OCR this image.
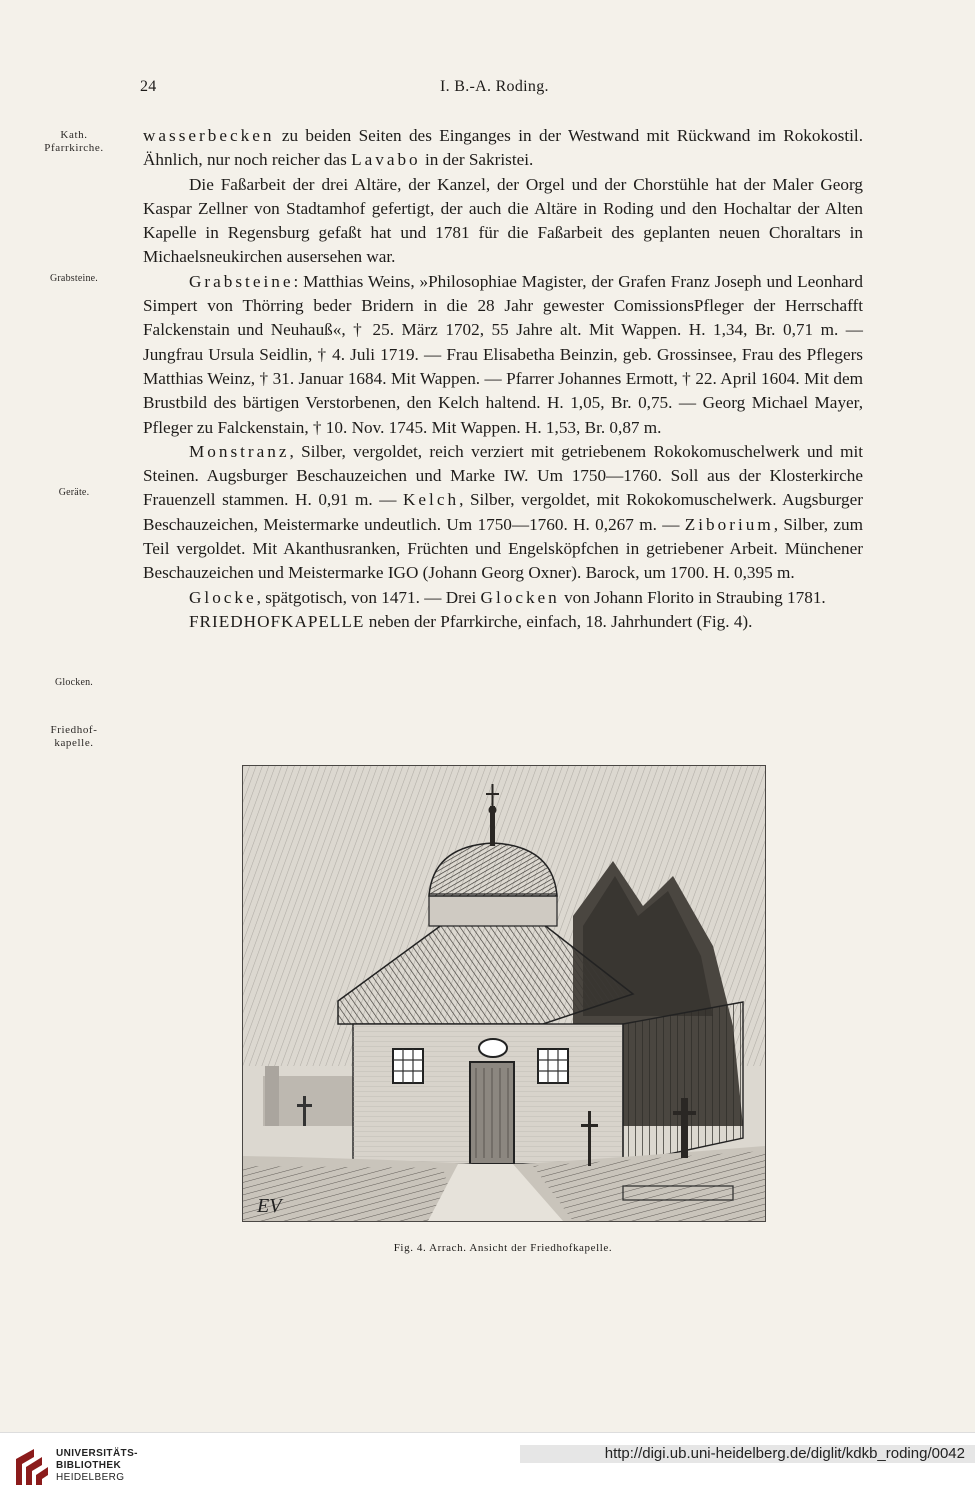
24	I. B.-A. Roding.
Kath.
Pfarrkirche.
Grabsteine.
Geräte.
Glocken.
Friedhof-
kapelle.

wasserbecken zu beiden Seiten des Einganges in der Westwand mit Rückwand im Rokokostil. Ähnlich, nur noch reicher das Lavabo in der Sakristei.

Die Faßarbeit der drei Altäre, der Kanzel, der Orgel und der Chorstühle hat der Maler Georg Kaspar Zellner von Stadtamhof gefertigt, der auch die Altäre in Roding und den Hochaltar der Alten Kapelle in Regensburg gefaßt hat und 1781 für die Faßarbeit des geplanten neuen Choraltars in Michaelsneukirchen ausersehen war.

Grabsteine: Matthias Weins, »Philosophiae Magister, der Grafen Franz Joseph und Leonhard Simpert von Thörring beder Bridern in die 28 Jahr gewester ComissionsPfleger der Herrschafft Falckenstain und Neuhauß«, † 25. März 1702, 55 Jahre alt. Mit Wappen. H. 1,34, Br. 0,71 m. — Jungfrau Ursula Seidlin, † 4. Juli 1719. — Frau Elisabetha Beinzin, geb. Grossinsee, Frau des Pflegers Matthias Weinz, † 31. Januar 1684. Mit Wappen. — Pfarrer Johannes Ermott, † 22. April 1604. Mit dem Brustbild des bärtigen Verstorbenen, den Kelch haltend. H. 1,05, Br. 0,75. — Georg Michael Mayer, Pfleger zu Falckenstain, † 10. Nov. 1745. Mit Wappen. H. 1,53, Br. 0,87 m.

Monstranz, Silber, vergoldet, reich verziert mit getriebenem Rokokomuschelwerk und mit Steinen. Augsburger Beschauzeichen und Marke IW. Um 1750—1760. Soll aus der Klosterkirche Frauenzell stammen. H. 0,91 m. — Kelch, Silber, vergoldet, mit Rokokomuschelwerk. Augsburger Beschauzeichen, Meistermarke undeutlich. Um 1750—1760. H. 0,267 m. — Ziborium, Silber, zum Teil vergoldet. Mit Akanthusranken, Früchten und Engelsköpfchen in getriebener Arbeit. Münchener Beschauzeichen und Meistermarke IGO (Johann Georg Oxner). Barock, um 1700. H. 0,395 m.

Glocke, spätgotisch, von 1471. — Drei Glocken von Johann Florito in Straubing 1781.

FRIEDHOFKAPELLE neben der Pfarrkirche, einfach, 18. Jahrhundert (Fig. 4).

EV
Fig. 4. Arrach. Ansicht der Friedhofkapelle.
UNIVERSITÄTS-
BIBLIOTHEK
HEIDELBERG
http://digi.ub.uni-heidelberg.de/diglit/kdkb_roding/0042
